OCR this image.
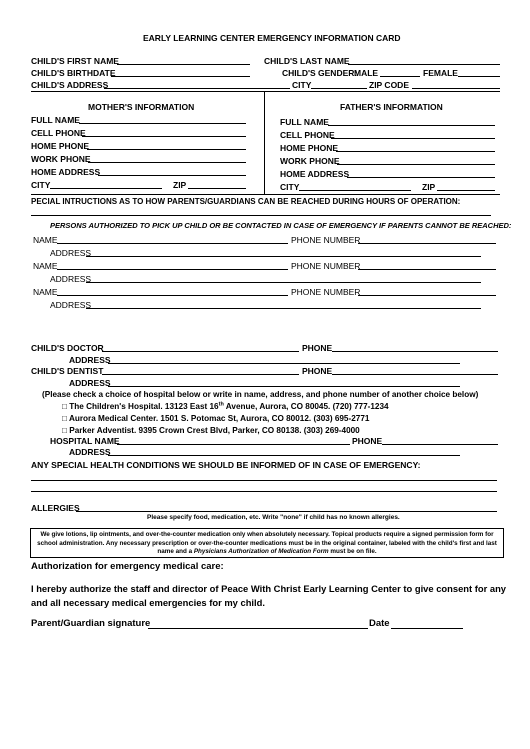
EARLY LEARNING CENTER EMERGENCY INFORMATION CARD
CHILD'S FIRST NAME	CHILD'S LAST NAME
CHILD'S BIRTHDATE	CHILD'S GENDER:
MALE	FEMALE
CHILD'S ADDRESS	CITY	ZIP CODE
MOTHER'S INFORMATION
FULL NAME
CELL PHONE
HOME PHONE
WORK PHONE
HOME ADDRESS
CITY	ZIP
FATHER'S INFORMATION
FULL NAME
CELL PHONE
HOME PHONE
WORK PHONE
HOME ADDRESS
CITY	ZIP
PECIAL INTRUCTIONS AS TO HOW PARENTS/GUARDIANS CAN BE REACHED DURING HOURS OF OPERATION:
PERSONS AUTHORIZED TO PICK UP CHILD OR BE CONTACTED IN CASE OF EMERGENCY IF PARENTS CANNOT BE REACHED:
NAME	PHONE NUMBER
ADDRESS
NAME	PHONE NUMBER
ADDRESS
NAME	PHONE NUMBER
ADDRESS
CHILD'S DOCTOR	PHONE
ADDRESS
CHILD'S DENTIST	PHONE
ADDRESS
(Please check a choice of hospital below or write in name, address, and phone number of another choice below)
□ The Children's Hospital. 13123 East 16th Avenue, Aurora, CO 80045. (720) 777-1234
□ Aurora Medical Center. 1501 S. Potomac St, Aurora, CO 80012. (303) 695-2771
□ Parker Adventist. 9395 Crown Crest Blvd, Parker, CO 80138. (303) 269-4000
HOSPITAL NAME	PHONE
ADDRESS
ANY SPECIAL HEALTH CONDITIONS WE SHOULD BE INFORMED OF IN CASE OF EMERGENCY:
ALLERGIES
Please specify food, medication, etc. Write "none" if child has no known allergies.
We give lotions, lip ointments, and over-the-counter medication only when absolutely necessary. Topical products require a signed permission form for school administration. Any necessary prescription or over-the-counter medications must be in the original container, labeled with the child's first and last name and a Physicians Authorization of Medication Form must be on file.
Authorization for emergency medical care:
I hereby authorize the staff and director of Peace With Christ Early Learning Center to give consent for any
and all necessary medical emergencies for my child.
Parent/Guardian signature	Date
